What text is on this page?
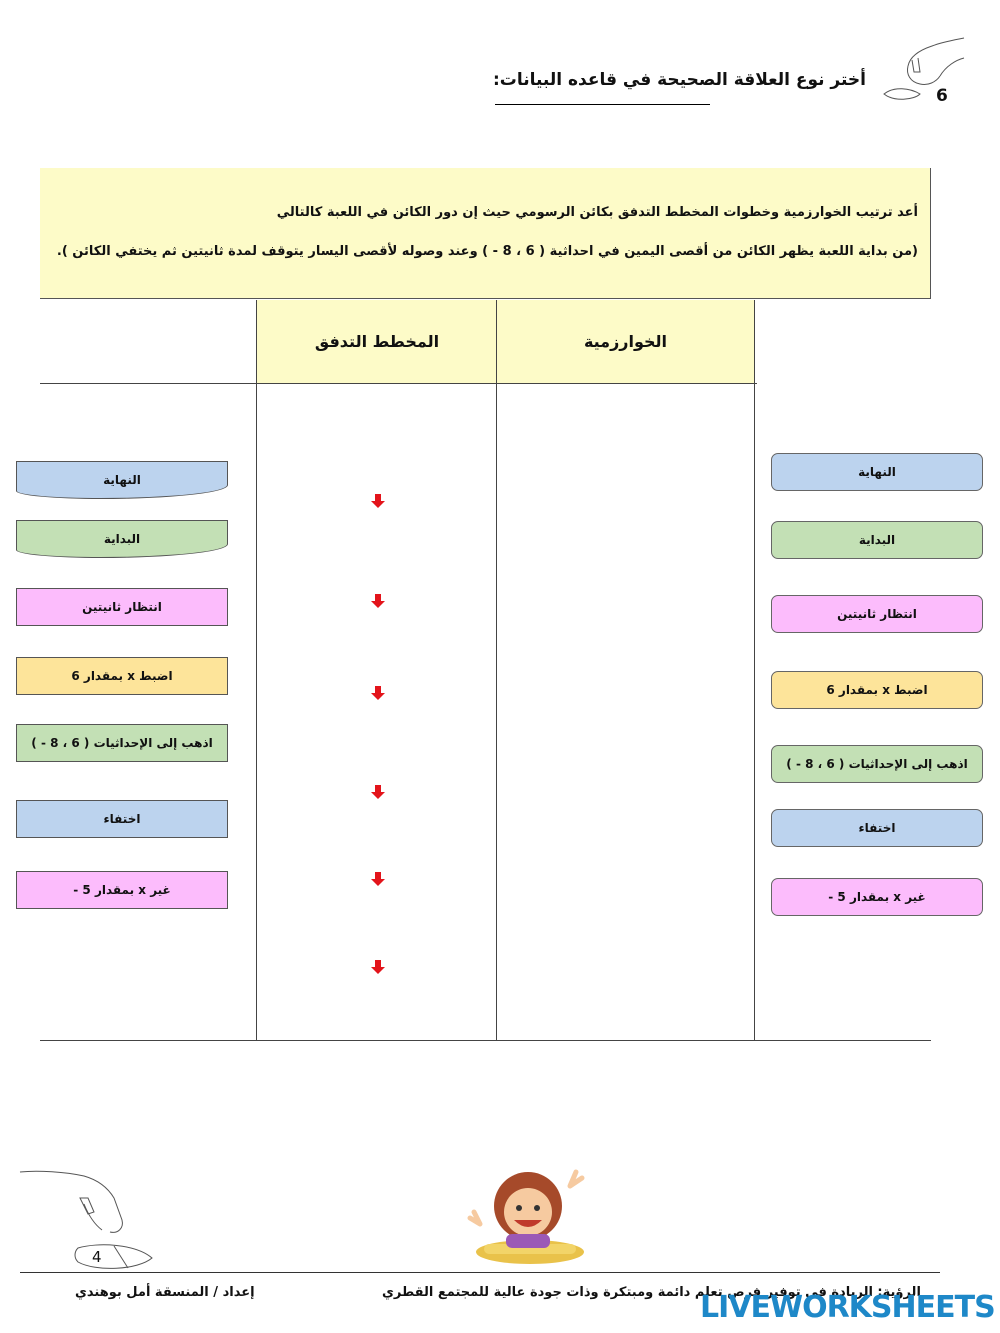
6
أختر نوع العلاقة الصحيحة في قاعده البيانات:
أعد ترتيب الخوارزمية وخطوات المخطط التدفق بكائن الرسومي حيث إن دور الكائن في اللعبة كالتالي
(من بداية اللعبة يظهر الكائن من أقصى اليمين في احداثية ( 6 ، 8 - ) وعند وصوله لأقصى اليسار يتوقف لمدة ثانيتين ثم يختفي الكائن ).
المخطط التدفق	الخوارزمية
النهاية
البداية
انتظار ثانيتين
اضبط x بمقدار 6
اذهب إلى الإحداثيات ( 6 ، 8 - )
اختفاء
غير x بمقدار 5 -
النهاية
البداية
انتظار ثانيتين
اضبط x بمقدار 6
اذهب إلى الإحداثيات ( 6 ، 8 - )
اختفاء
غير x بمقدار 5 -
4
إعداد / المنسقة أمل بوهندي	الرؤية: الريادة في توفير فرص تعلم دائمة ومبتكرة وذات جودة عالية للمجتمع القطري
LIVEWORKSHEETS
